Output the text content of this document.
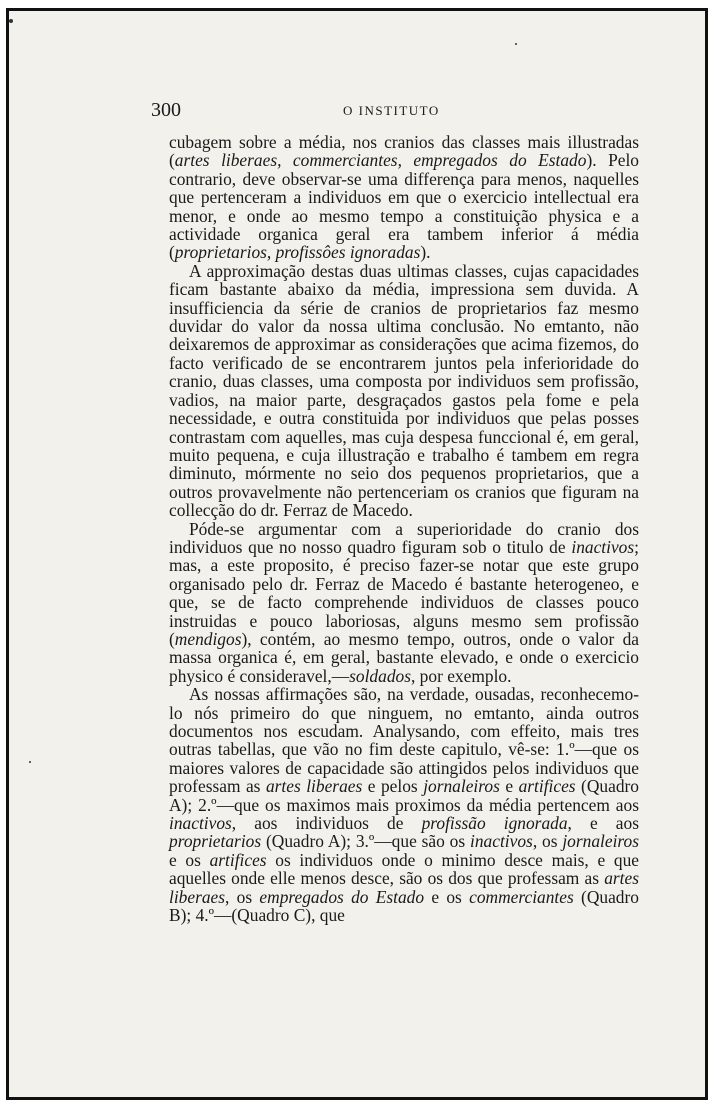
300	O INSTITUTO

cubagem sobre a média, nos cranios das classes mais illustradas (artes liberaes, commerciantes, empregados do Estado). Pelo contrario, deve observar-se uma differença para menos, naquelles que pertenceram a individuos em que o exercicio intellectual era menor, e onde ao mesmo tempo a constituição physica e a actividade organica geral era tambem inferior á média (proprietarios, profissôes ignoradas).

A approximação destas duas ultimas classes, cujas capacidades ficam bastante abaixo da média, impressiona sem duvida. A insufficiencia da série de cranios de proprietarios faz mesmo duvidar do valor da nossa ultima conclusão. No emtanto, não deixaremos de approximar as considerações que acima fizemos, do facto verificado de se encontrarem juntos pela inferioridade do cranio, duas classes, uma composta por individuos sem profissão, vadios, na maior parte, desgraçados gastos pela fome e pela necessidade, e outra constituida por individuos que pelas posses contrastam com aquelles, mas cuja despesa funccional é, em geral, muito pequena, e cuja illustração e trabalho é tambem em regra diminuto, mórmente no seio dos pequenos proprietarios, que a outros provavelmente não pertenceriam os cranios que figuram na collecção do dr. Ferraz de Macedo.

Póde-se argumentar com a superioridade do cranio dos individuos que no nosso quadro figuram sob o titulo de inactivos; mas, a este proposito, é preciso fazer-se notar que este grupo organisado pelo dr. Ferraz de Macedo é bastante heterogeneo, e que, se de facto comprehende individuos de classes pouco instruidas e pouco laboriosas, alguns mesmo sem profissão (mendigos), contém, ao mesmo tempo, outros, onde o valor da massa organica é, em geral, bastante elevado, e onde o exercicio physico é consideravel,—soldados, por exemplo.

As nossas affirmações são, na verdade, ousadas, reconhecemo-lo nós primeiro do que ninguem, no emtanto, ainda outros documentos nos escudam. Analysando, com effeito, mais tres outras tabellas, que vão no fim deste capitulo, vê-se: 1.º—que os maiores valores de capacidade são attingidos pelos individuos que professam as artes liberaes e pelos jornaleiros e artifices (Quadro A); 2.º—que os maximos mais proximos da média pertencem aos inactivos, aos individuos de profissão ignorada, e aos proprietarios (Quadro A); 3.º—que são os inactivos, os jornaleiros e os artifices os individuos onde o minimo desce mais, e que aquelles onde elle menos desce, são os dos que professam as artes liberaes, os empregados do Estado e os commerciantes (Quadro B); 4.º—(Quadro C), que
